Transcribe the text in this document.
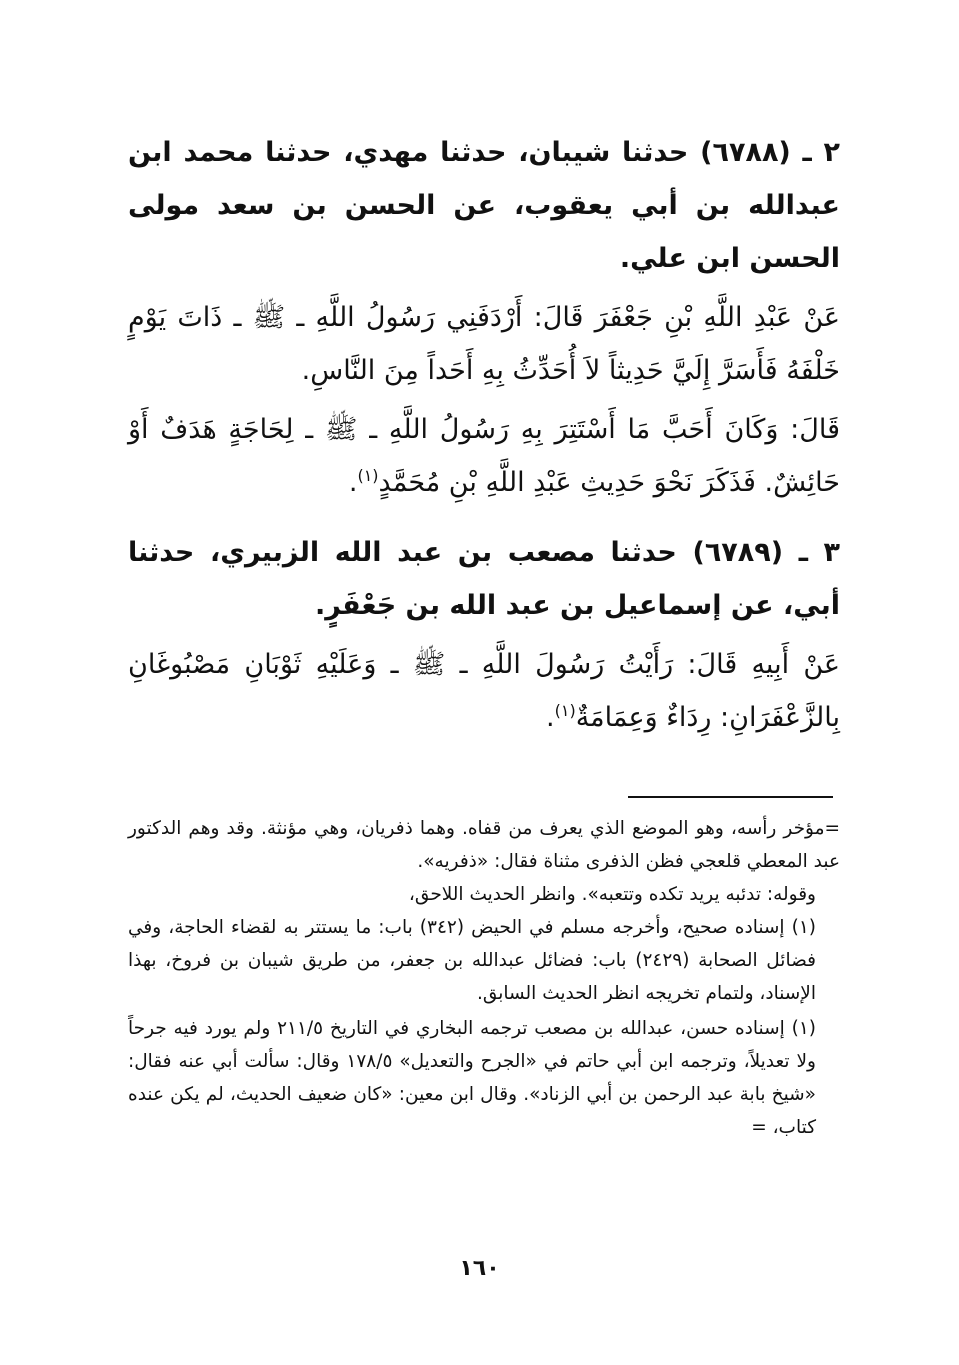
٢ ـ (٦٧٨٨) حدثنا شيبان، حدثنا مهدي، حدثنا محمد ابن عبدالله بن أبي يعقوب، عن الحسن بن سعد مولى الحسن ابن علي.

عَنْ عَبْدِ اللَّهِ بْنِ جَعْفَرَ قَالَ: أَرْدَفَنِي رَسُولُ اللَّهِ ـ ﷺ ـ ذَاتَ يَوْمٍ خَلْفَهُ فَأَسَرَّ إِلَيَّ حَدِيثاً لاَ أُحَدِّثُ بِهِ أَحَداً مِنَ النَّاسِ.

قَالَ: وَكَانَ أَحَبَّ مَا أَسْتَتِرَ بِهِ رَسُولُ اللَّهِ ـ ﷺ ـ لِحَاجَةٍ هَدَفٌ أَوْ حَائِشٌ. فَذَكَرَ نَحْوَ حَدِيثِ عَبْدِ اللَّهِ بْنِ مُحَمَّدٍ$^{(١)}$.

٣ ـ (٦٧٨٩) حدثنا مصعب بن عبد الله الزبيري، حدثنا أبي، عن إسماعيل بن عبد الله بن جَعْفَرٍ.

عَنْ أَبِيهِ قَالَ: رَأَيْتُ رَسُولَ اللَّهِ ـ ﷺ ـ وَعَلَيْهِ ثَوْبَانِ مَصْبُوغَانِ بِالزَّعْفَرَانِ: رِدَاءٌ وَعِمَامَةٌ$^{(١)}$.

=مؤخر رأسه، وهو الموضع الذي يعرف من قفاه. وهما ذفريان، وهي مؤنثة. وقد وهم الدكتور عبد المعطي قلعجي فظن الذفرى مثناة فقال: «ذفريه».

وقوله: تدئبه يريد تكده وتتعبه». وانظر الحديث اللاحق،

(١) إسناده صحيح، وأخرجه مسلم في الحيض (٣٤٢) باب: ما يستتر به لقضاء الحاجة، وفي فضائل الصحابة (٢٤٢٩) باب: فضائل عبدالله بن جعفر، من طريق شيبان بن فروخ، بهذا الإسناد، ولتمام تخريجه انظر الحديث السابق.

(١) إسناده حسن، عبدالله بن مصعب ترجمه البخاري في التاريخ ٢١١/٥ ولم يورد فيه جرحاً ولا تعديلاً، وترجمه ابن أبي حاتم في «الجرح والتعديل» ١٧٨/٥ وقال: سألت أبي عنه فقال: «شيخ بابة عبد الرحمن بن أبي الزناد». وقال ابن معين: «كان ضعيف الحديث، لم يكن عنده كتاب، =

١٦٠
